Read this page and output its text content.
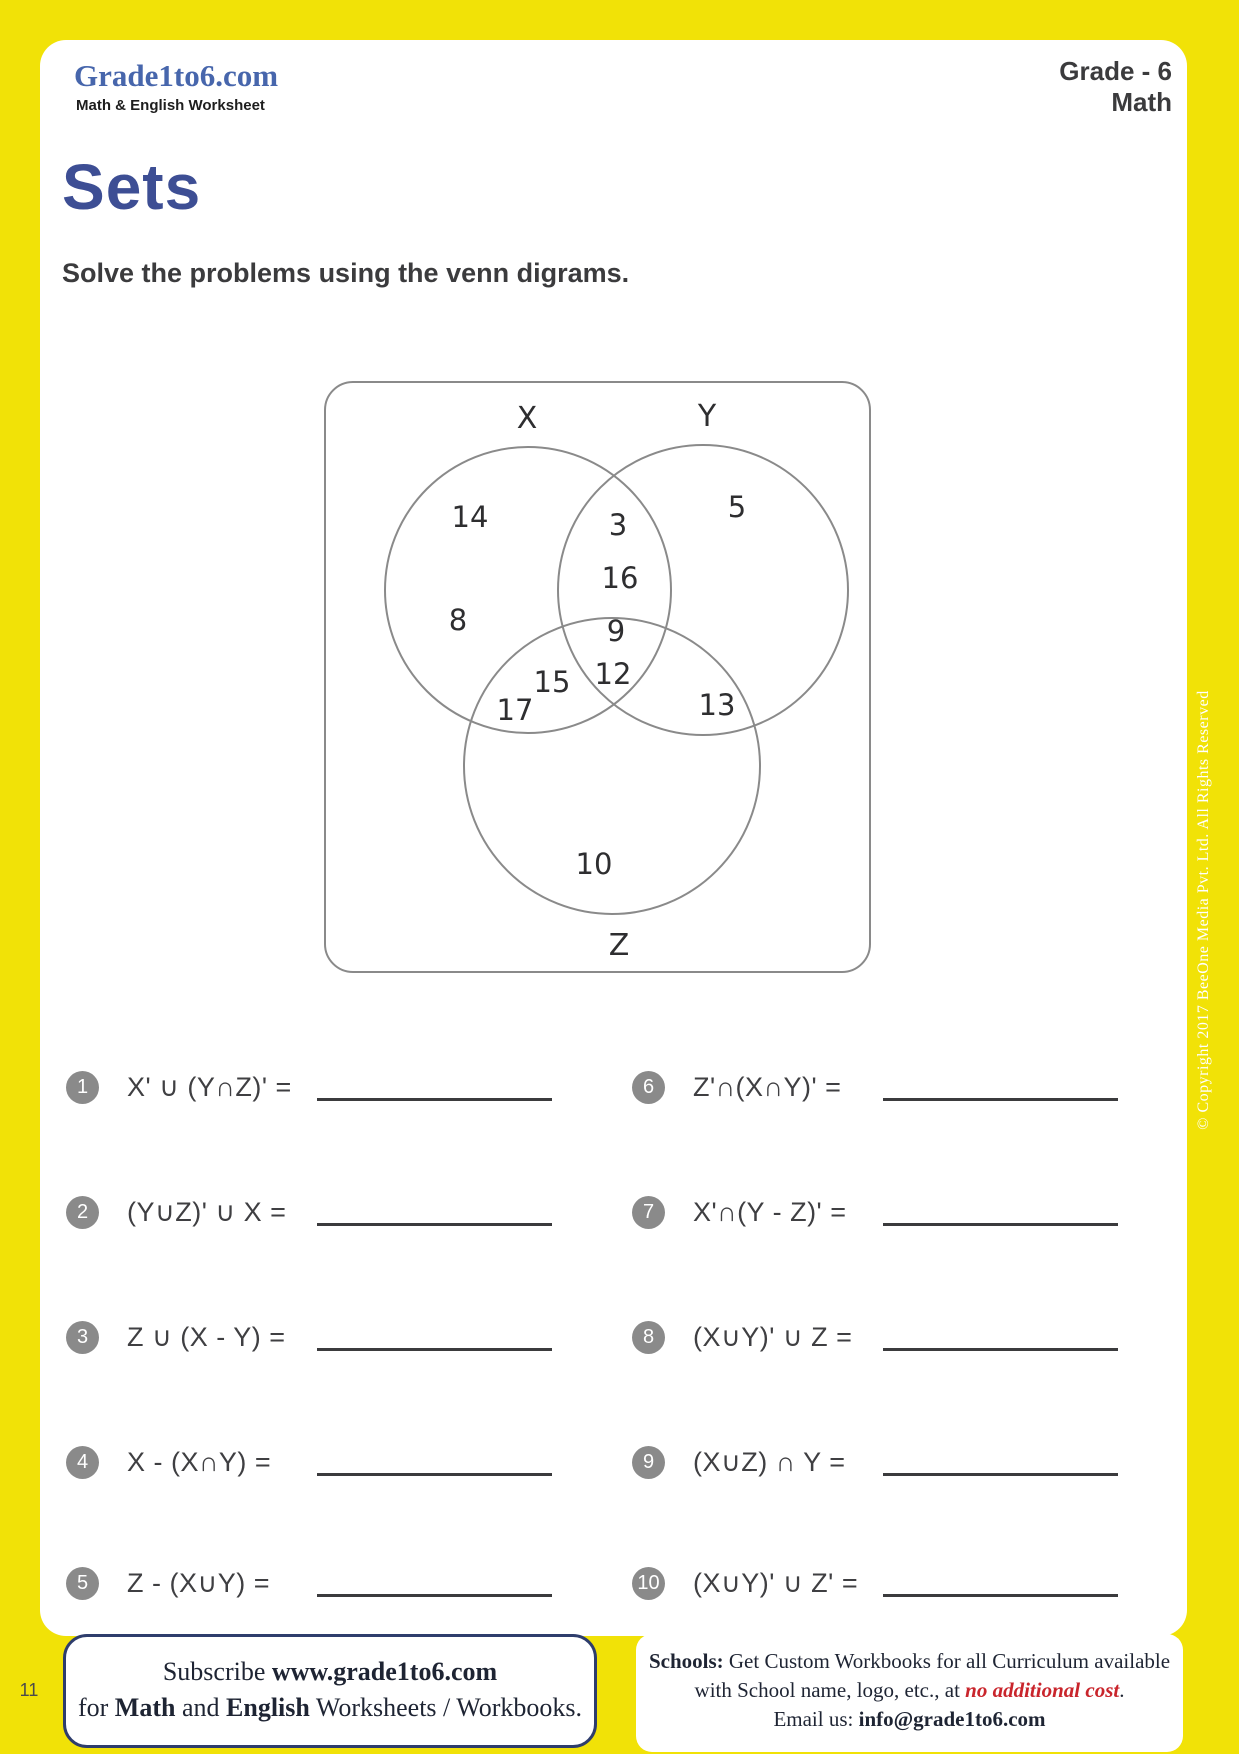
Grade1to6.com
Math & English Worksheet
Grade - 6
Math
Sets
Solve the problems using the venn digrams.
X	Y
Z
14
8
3
16
5
9
12
15
17	13
10
1	X' ∪ (Y∩Z)' =
2	(Y∪Z)' ∪ X =
3	Z ∪ (X - Y) =
4	X - (X∩Y) =
5	Z - (X∪Y) =
6	Z'∩(X∩Y)' =
7	X'∩(Y - Z)' =
8	(X∪Y)' ∪ Z =
9	(X∪Z) ∩ Y =
10 (X∪Y)' ∪ Z' =
Subscribe www.grade1to6.com
for Math and English Worksheets / Workbooks.
Schools: Get Custom Workbooks for all Curriculum available
with School name, logo, etc., at no additional cost.
Email us: info@grade1to6.com
11
© Copyright 2017 BeeOne Media Pvt. Ltd. All Rights Reserved
